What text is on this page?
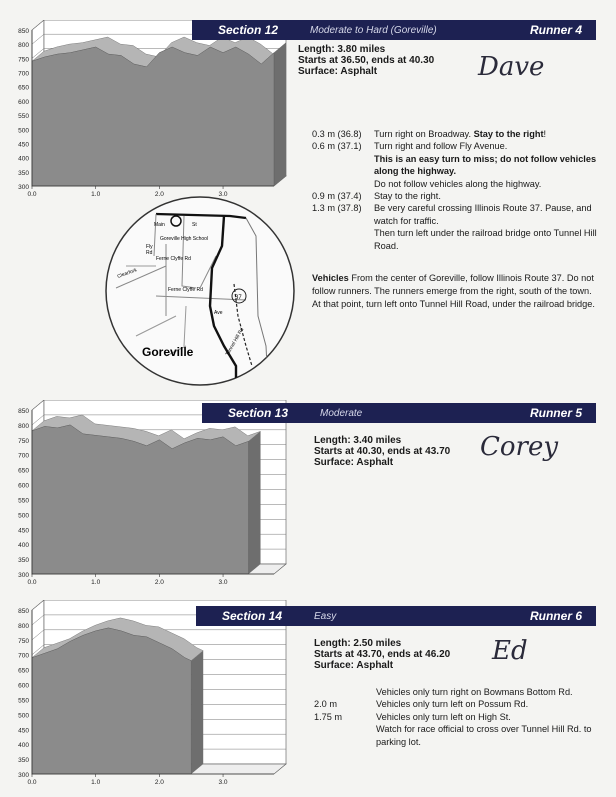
300
350
400
450
500
550
600
650
700
750
800
850
0.0	1.0	2.0	3.0
Section 12	Moderate to Hard (Goreville)	Runner 4
Length: 3.80 miles
Starts at 36.50, ends at 40.30
Surface: Asphalt	Dave
0.3 m (36.8)	Turn right on Broadway. Stay to the right!
0.6 m (37.1)	Turn right and follow Fly Avenue.
This is an easy turn to miss; do not follow vehicles along the highway.
Do not follow vehicles along the highway.
0.9 m (37.4)	Stay to the right.
1.3 m (37.8)	Be very careful crossing Illinois Route 37. Pause, and watch for traffic.
Then turn left under the railroad bridge onto Tunnel Hill Road.
Vehicles From the center of Goreville, follow Illinois Route 37. Do not follow runners. The runners emerge from the right, south of the town. At that point, turn left onto Tunnel Hill Road, under the railroad bridge.
Main	St
Goreville High School
Fly
Rd
Clearfork
Ferne Clyffe Rd
Ferne Clyffe Rd
37
Ave
Tunnel Hill Rd
Goreville
300
350
400
450
500
550
600
650
700
750
800
850
0.0	1.0	2.0	3.0
Section 13	Moderate	Runner 5
Length: 3.40 miles
Starts at 40.30, ends at 43.70
Surface: Asphalt
Corey
300
350
400
450
500
550
600
650
700
750
800
850
0.0	1.0	2.0	3.0
Section 14	Easy	Runner 6
Length: 2.50 miles
Starts at 43.70, ends at 46.20
Surface: Asphalt	Ed
Vehicles only turn right on Bowmans Bottom Rd.
2.0 m	Vehicles only turn left on Possum Rd.
1.75 m	Vehicles only turn left on High St.
Watch for race official to cross over Tunnel Hill Rd. to parking lot.
